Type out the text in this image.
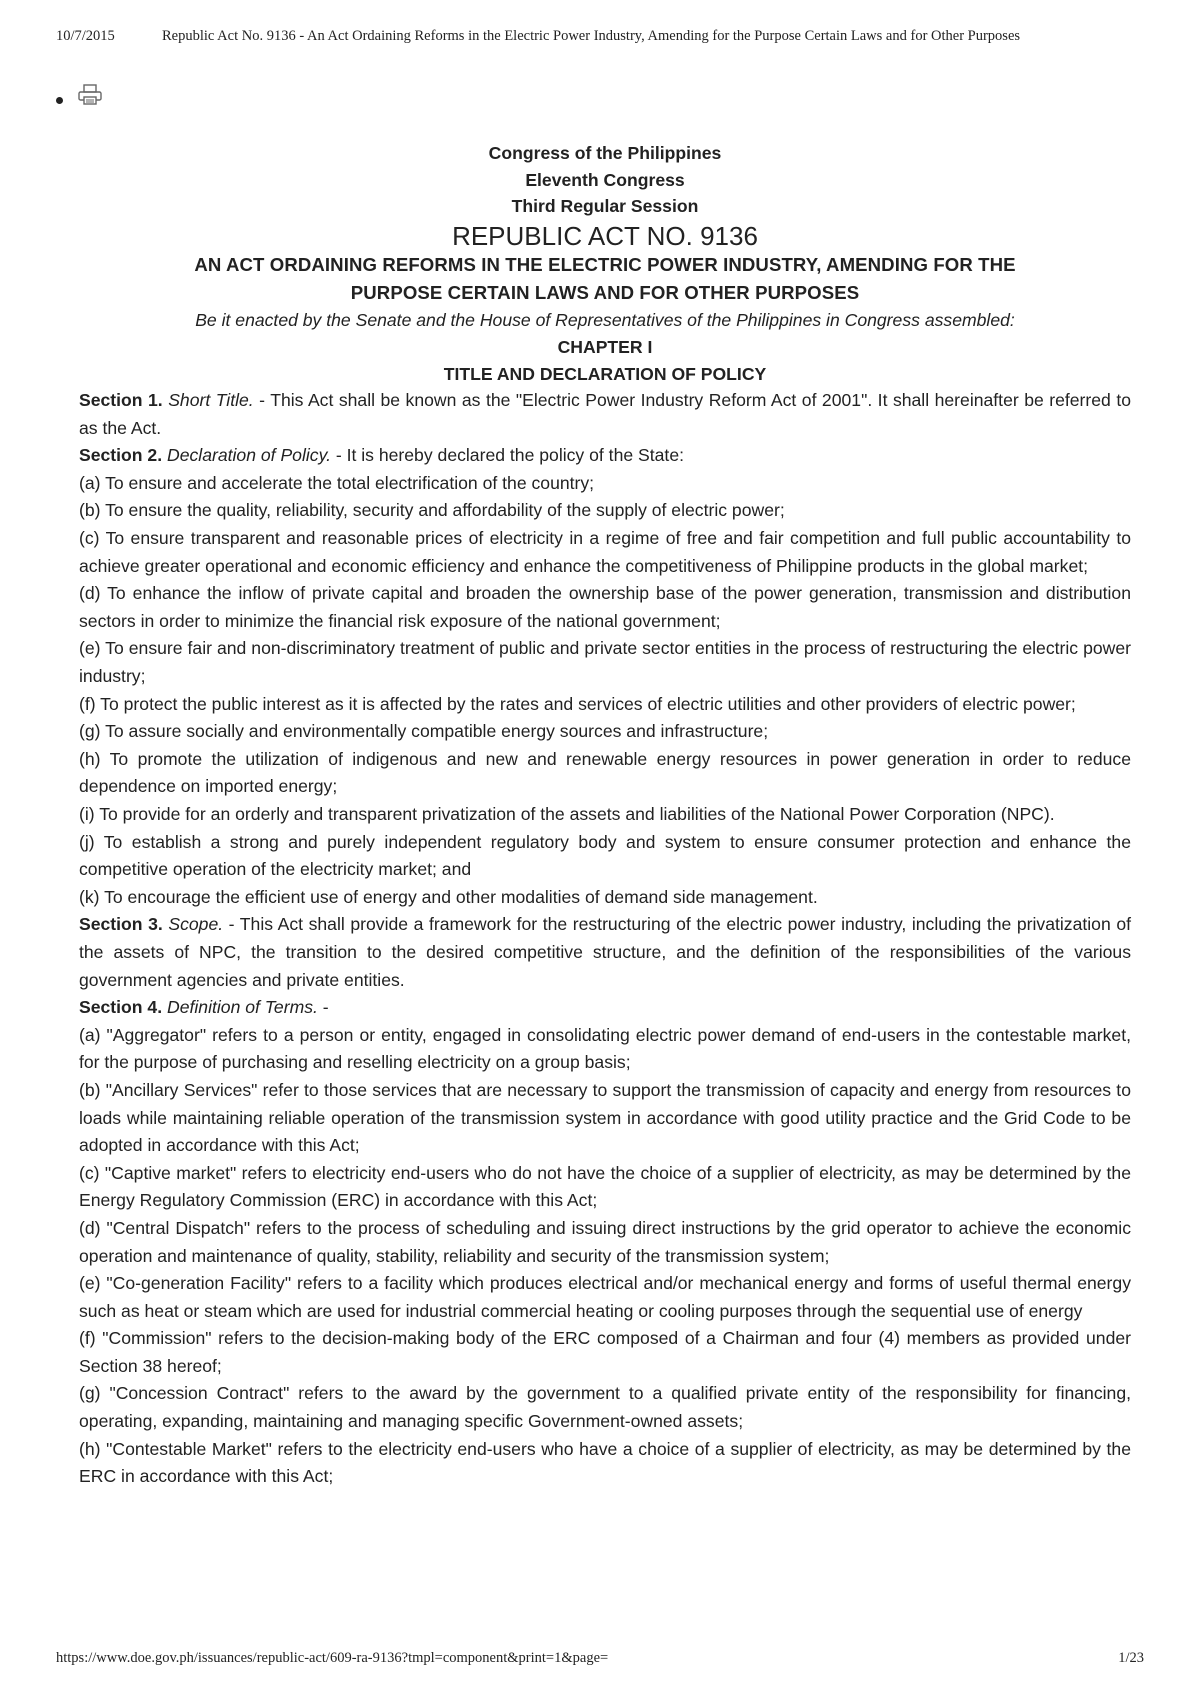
10/7/2015	Republic Act No. 9136 - An Act Ordaining Reforms in the Electric Power Industry, Amending for the Purpose Certain Laws and for Other Purposes
Congress of the Philippines
Eleventh Congress
Third Regular Session
REPUBLIC ACT NO. 9136
AN ACT ORDAINING REFORMS IN THE ELECTRIC POWER INDUSTRY, AMENDING FOR THE
PURPOSE CERTAIN LAWS AND FOR OTHER PURPOSES
Be it enacted by the Senate and the House of Representatives of the Philippines in Congress assembled:
CHAPTER I
TITLE AND DECLARATION OF POLICY

Section 1. Short Title. - This Act shall be known as the "Electric Power Industry Reform Act of 2001". It shall hereinafter be referred to as the Act.

Section 2. Declaration of Policy. - It is hereby declared the policy of the State:

(a) To ensure and accelerate the total electrification of the country;

(b) To ensure the quality, reliability, security and affordability of the supply of electric power;

(c) To ensure transparent and reasonable prices of electricity in a regime of free and fair competition and full public accountability to achieve greater operational and economic efficiency and enhance the competitiveness of Philippine products in the global market;

(d) To enhance the inflow of private capital and broaden the ownership base of the power generation, transmission and distribution sectors in order to minimize the financial risk exposure of the national government;

(e) To ensure fair and non-discriminatory treatment of public and private sector entities in the process of restructuring the electric power industry;

(f) To protect the public interest as it is affected by the rates and services of electric utilities and other providers of electric power;

(g) To assure socially and environmentally compatible energy sources and infrastructure;

(h) To promote the utilization of indigenous and new and renewable energy resources in power generation in order to reduce dependence on imported energy;

(i) To provide for an orderly and transparent privatization of the assets and liabilities of the National Power Corporation (NPC).

(j) To establish a strong and purely independent regulatory body and system to ensure consumer protection and enhance the competitive operation of the electricity market; and

(k) To encourage the efficient use of energy and other modalities of demand side management.

Section 3. Scope. - This Act shall provide a framework for the restructuring of the electric power industry, including the privatization of the assets of NPC, the transition to the desired competitive structure, and the definition of the responsibilities of the various government agencies and private entities.

Section 4. Definition of Terms. -

(a) "Aggregator" refers to a person or entity, engaged in consolidating electric power demand of end-users in the contestable market, for the purpose of purchasing and reselling electricity on a group basis;

(b) "Ancillary Services" refer to those services that are necessary to support the transmission of capacity and energy from resources to loads while maintaining reliable operation of the transmission system in accordance with good utility practice and the Grid Code to be adopted in accordance with this Act;

(c) "Captive market" refers to electricity end-users who do not have the choice of a supplier of electricity, as may be determined by the Energy Regulatory Commission (ERC) in accordance with this Act;

(d) "Central Dispatch" refers to the process of scheduling and issuing direct instructions by the grid operator to achieve the economic operation and maintenance of quality, stability, reliability and security of the transmission system;

(e) "Co-generation Facility" refers to a facility which produces electrical and/or mechanical energy and forms of useful thermal energy such as heat or steam which are used for industrial commercial heating or cooling purposes through the sequential use of energy

(f) "Commission" refers to the decision-making body of the ERC composed of a Chairman and four (4) members as provided under Section 38 hereof;

(g) "Concession Contract" refers to the award by the government to a qualified private entity of the responsibility for financing, operating, expanding, maintaining and managing specific Government-owned assets;

(h) "Contestable Market" refers to the electricity end-users who have a choice of a supplier of electricity, as may be determined by the ERC in accordance with this Act;

https://www.doe.gov.ph/issuances/republic-act/609-ra-9136?tmpl=component&print=1&page=	1/23
